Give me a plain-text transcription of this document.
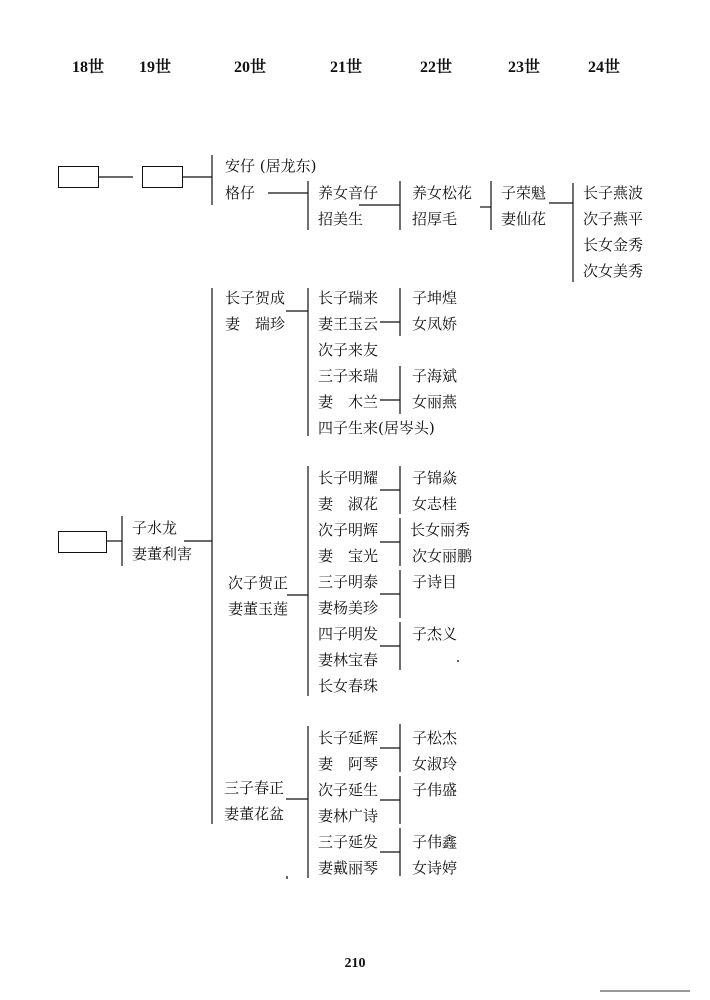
18世 19世	20世	21世	22世	23世	24世
安仔 (居龙东)
格仔	养女音仔
招美生
养女松花
招厚毛
子荣魁
妻仙花
长子燕波
次子燕平
长女金秀
次女美秀
子水龙
妻董利害
长子贺成
妻　瑞珍
长子瑞来
妻王玉云
次子来友
三子来瑞
妻　木兰
四子生来(居岑头)
子坤煌
女凤娇
子海斌
女丽燕
次子贺正
妻董玉莲
长子明耀
妻　淑花
次子明辉
妻　宝光
三子明泰
妻杨美珍
四子明发
妻林宝春
长女春珠
子锦焱
女志桂
长女丽秀
次女丽鹏
子诗目
子杰义
三子春正
妻董花盆
长子延辉
妻　阿琴
次子延生
妻林广诗
三子延发
妻戴丽琴
子松杰
女淑玲
子伟盛
子伟鑫
女诗婷
210
